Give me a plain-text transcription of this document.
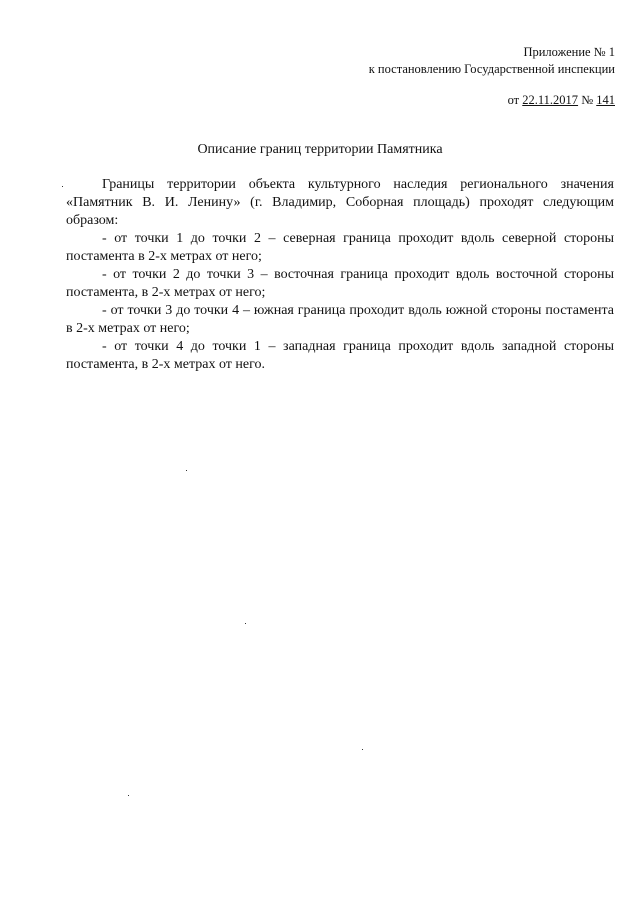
Приложение № 1
к постановлению Государственной инспекции
от 22.11.2017 № 141
Описание границ территории Памятника

Границы территории объекта культурного наследия регионального значения «Памятник В. И. Ленину» (г. Владимир, Соборная площадь) проходят следующим образом:

- от точки 1 до точки 2 – северная граница проходит вдоль северной стороны постамента в 2-х метрах от него;

- от точки 2 до точки 3 – восточная граница проходит вдоль восточной стороны постамента, в 2-х метрах от него;

- от точки 3 до точки 4 – южная граница проходит вдоль южной стороны постамента в 2-х метрах от него;

- от точки 4 до точки 1 – западная граница проходит вдоль западной стороны постамента, в 2-х метрах от него.
